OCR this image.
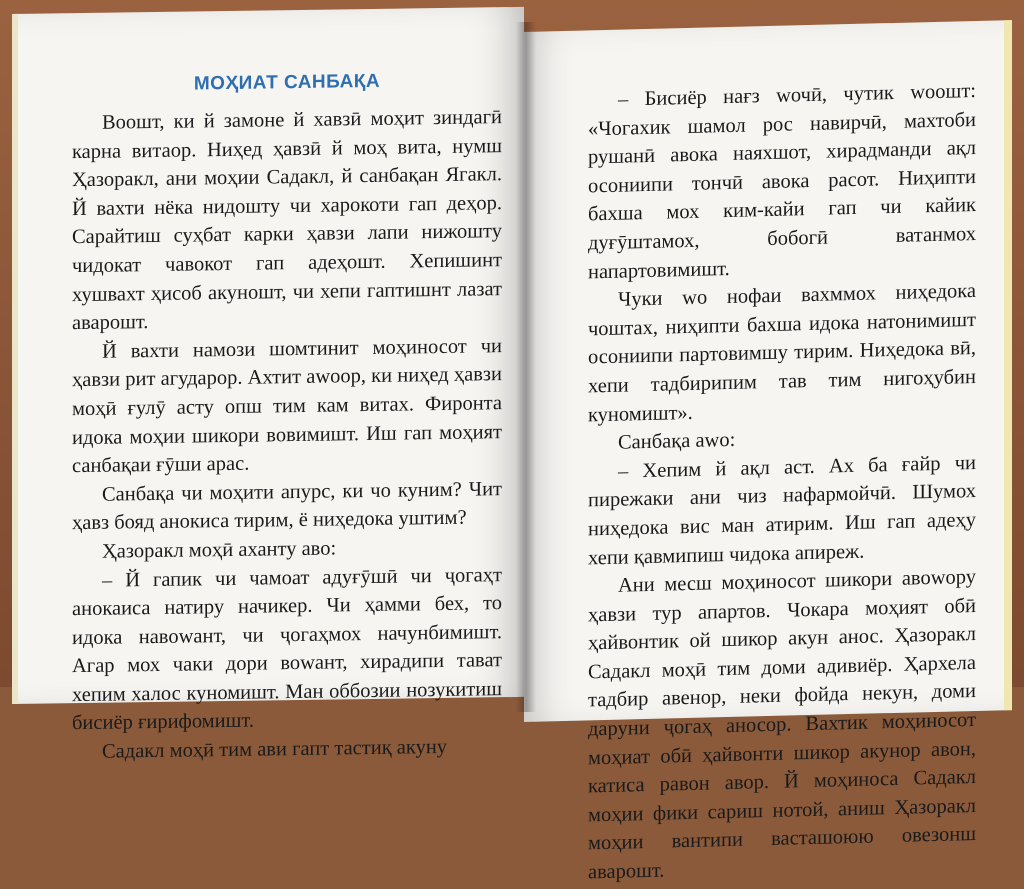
МОҲИАТ САНБАҚА

Воошт, ки й замоне й хавзӣ моҳит зиндагӣ карна витаор. Ниҳед ҳавзӣ й моҳ вита, нумш Ҳазоракл, ани моҳии Садакл, й санбақан Ягакл. Й вахти нёка нидошту чи харокоти гап деҳор. Сарайтиш суҳбат карки ҳавзи лапи нижошту чидокат чавокот гап адеҳошт. Хепишинт хушвахт ҳисоб акуношт, чи хепи гаптишнт лазат аварошт.

Й вахти намози шомтинит моҳиносот чи ҳавзи рит агударор. Ахтит awoop, ки ниҳед ҳавзи моҳӣ ғулӯ асту опш тим кам витах. Фиронта идока моҳии шикори вовимишт. Иш гап моҳият санбақаи ғӯши арас.

Санбақа чи моҳити апурс, ки чо куним? Чит ҳавз бояд анокиса тирим, ё ниҳедока уштим?

Ҳазоракл моҳӣ аханту аво:

– Й гапик чи чамоат адуғӯшӣ чи ҷогаҳт анокаиса натиру начикер. Чи ҳамми бех, то идока навоwант, чи ҷогаҳмох начунбимишт. Агар мох чаки дори воwант, хирадипи тават хепим халос куномишт. Ман оббозии нозукитиш бисиёр ғирифомишт.

Садакл моҳӣ тим ави гапт тастиқ акуну

– Бисиёр нағз wочӣ, чутик woошт: «Чогахик шамол рос навирчӣ, махтоби рушанӣ авока наяхшот, хирадманди ақл осониипи тончӣ авока расот. Ниҳипти бахша мох ким-кайи гап чи кайик дуғӯштамох, бобогӣ ватанмох напартовимишт.

Чуки wo нофаи вахммох ниҳедока чоштах, ниҳипти бахша идока натонимишт осониипи партовимшу тирим. Ниҳедока вӣ, хепи тадбирипим тав тим нигоҳубин куномишт».

Санбақа awo:

– Хепим й ақл аст. Ах ба ғайр чи пирежаки ани чиз нафармойчӣ. Шумох ниҳедока вис ман атирим. Иш гап адеҳу хепи қавмипиш чидока апиреж.

Ани месш моҳиносот шикори авоwору ҳавзи тур апартов. Чокара моҳият обӣ ҳайвонтик ой шикор акун анос. Ҳазоракл Садакл моҳӣ тим доми адивиёр. Ҳархела тадбир авенор, неки фойда некун, доми даруни ҷогаҳ аносор. Вахтик моҳиносот моҳиат обӣ ҳайвонти шикор акунор авон, катиса равон авор. Й моҳиноса Садакл моҳии фики сариш нотой, аниш Ҳазоракл моҳии вантипи васташоюю овезонш аварошт.
